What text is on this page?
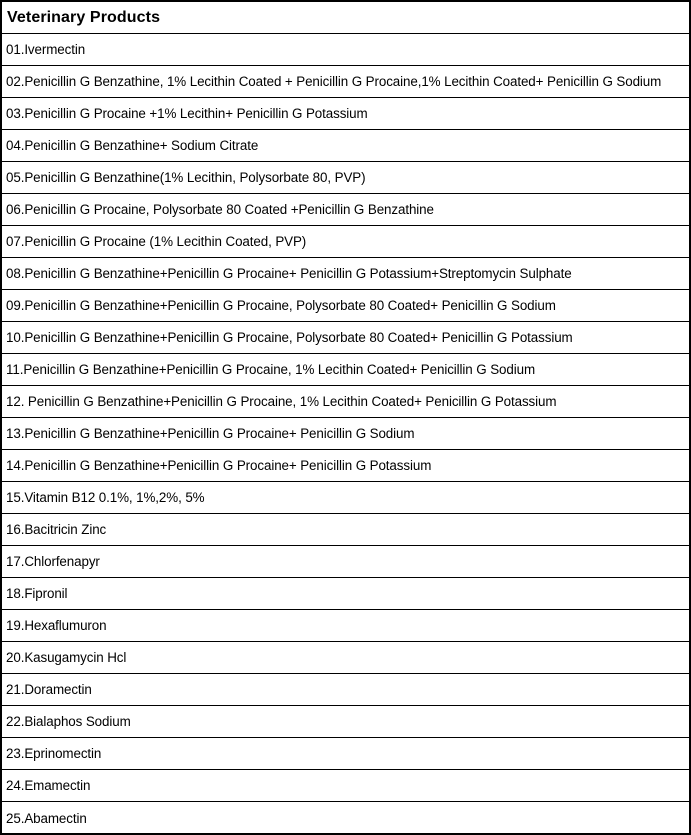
Veterinary Products
01.Ivermectin
02.Penicillin G Benzathine, 1% Lecithin Coated + Penicillin G Procaine,1% Lecithin Coated+ Penicillin G Sodium
03.Penicillin G Procaine +1% Lecithin+ Penicillin G Potassium
04.Penicillin G Benzathine+ Sodium Citrate
05.Penicillin G Benzathine(1% Lecithin, Polysorbate 80, PVP)
06.Penicillin G Procaine, Polysorbate 80 Coated +Penicillin G Benzathine
07.Penicillin G Procaine (1% Lecithin Coated, PVP)
08.Penicillin G Benzathine+Penicillin G Procaine+ Penicillin G Potassium+Streptomycin Sulphate
09.Penicillin G Benzathine+Penicillin G Procaine, Polysorbate 80 Coated+ Penicillin G Sodium
10.Penicillin G Benzathine+Penicillin G Procaine, Polysorbate 80 Coated+ Penicillin G Potassium
11.Penicillin G Benzathine+Penicillin G Procaine, 1% Lecithin Coated+ Penicillin G Sodium
12. Penicillin G Benzathine+Penicillin G Procaine, 1% Lecithin Coated+ Penicillin G Potassium
13.Penicillin G Benzathine+Penicillin G Procaine+ Penicillin G Sodium
14.Penicillin G Benzathine+Penicillin G Procaine+ Penicillin G Potassium
15.Vitamin B12 0.1%, 1%,2%, 5%
16.Bacitricin Zinc
17.Chlorfenapyr
18.Fipronil
19.Hexaflumuron
20.Kasugamycin Hcl
21.Doramectin
22.Bialaphos Sodium
23.Eprinomectin
24.Emamectin
25.Abamectin
